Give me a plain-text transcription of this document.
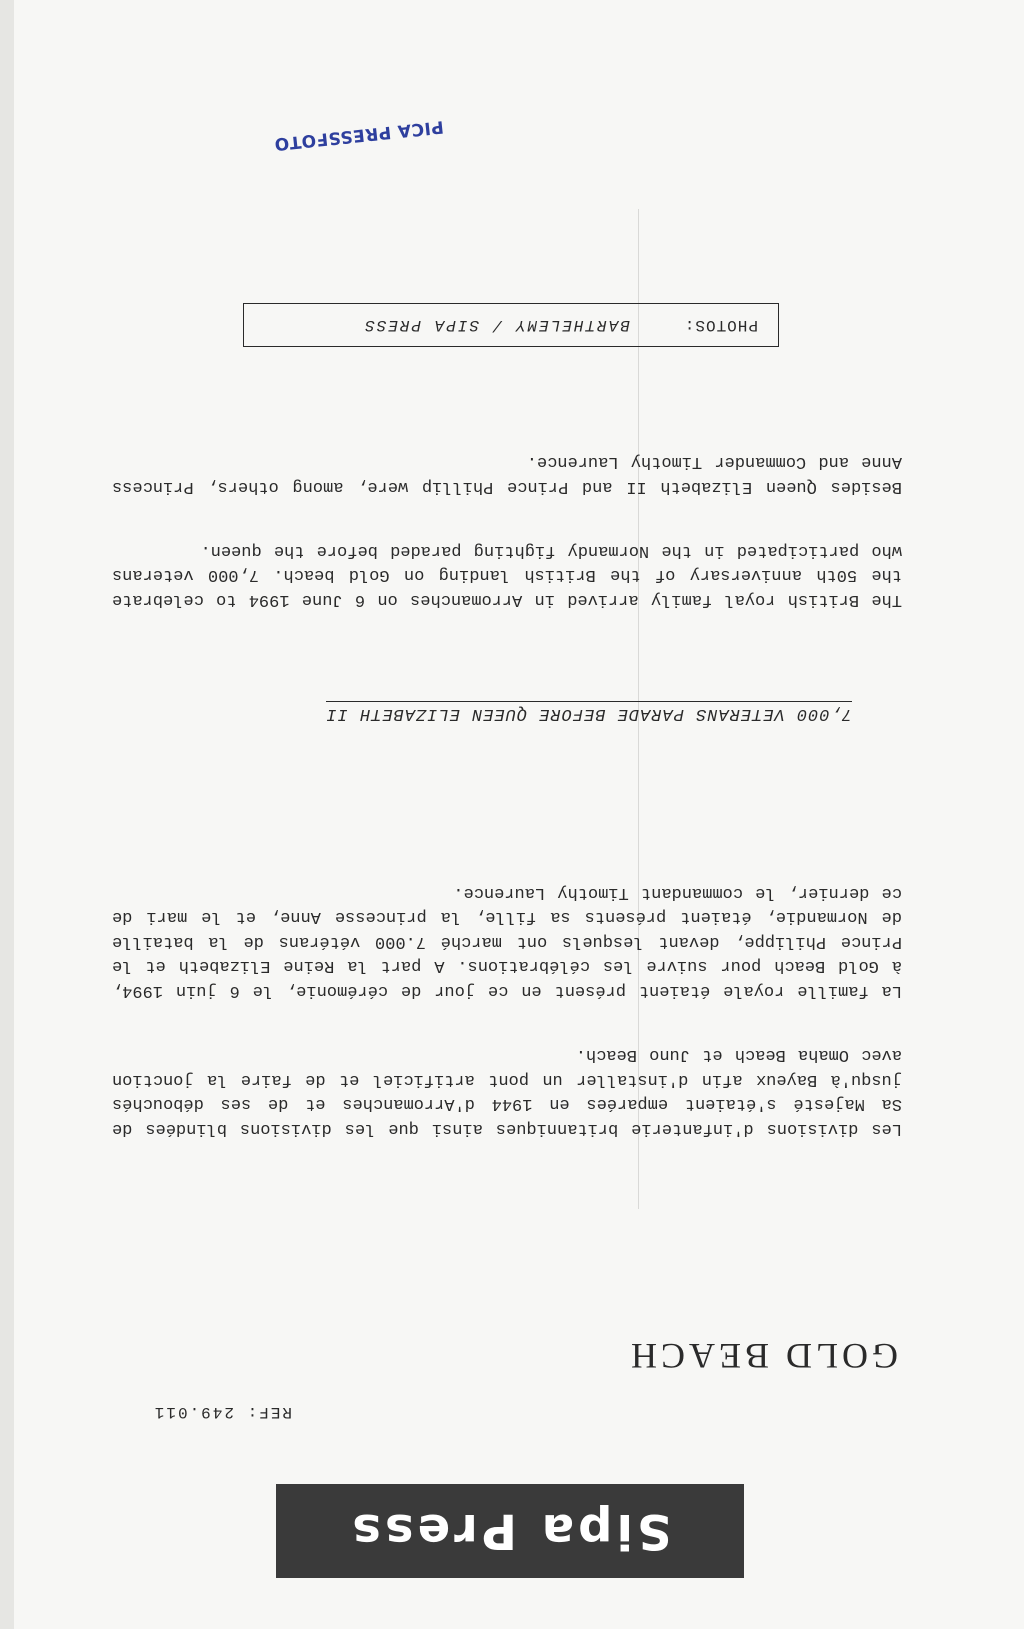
Sipa Press
REF: 249.011
GOLD BEACH
Les divisions d'infanterie britanniques ainsi que les divisions blindées de Sa Majesté s'étaient emparées en 1944 d'Arromanches et de ses débouchés jusqu'à Bayeux afin d'installer un pont artificiel et de faire la jonction avec Omaha Beach et Juno Beach.
La famille royale étaient présent en ce jour de cérémonie, le 6 juin 1994, à Gold Beach pour suivre les célébrations. A part la Reine Elizabeth et le Prince Philippe, devant lesquels ont marché 7.000 vétérans de la bataille de Normandie, étaient présents sa fille, la princesse Anne, et le mari de ce dernier, le commandant Timothy Laurence.
7,000 VETERANS PARADE BEFORE QUEEN ELIZABETH II
The British royal family arrived in Arromanches on 6 June 1994 to celebrate the 50th anniversary of the British landing on Gold beach. 7,000 veterans who participated in the Normandy fighting paraded before the queen.
Besides Queen Elizabeth II and Prince Phillip were, among others, Princess Anne and Commander Timothy Laurence.
PHOTOS:
BARTHELEMY / SIPA PRESS
PICA PRESSFOTO
